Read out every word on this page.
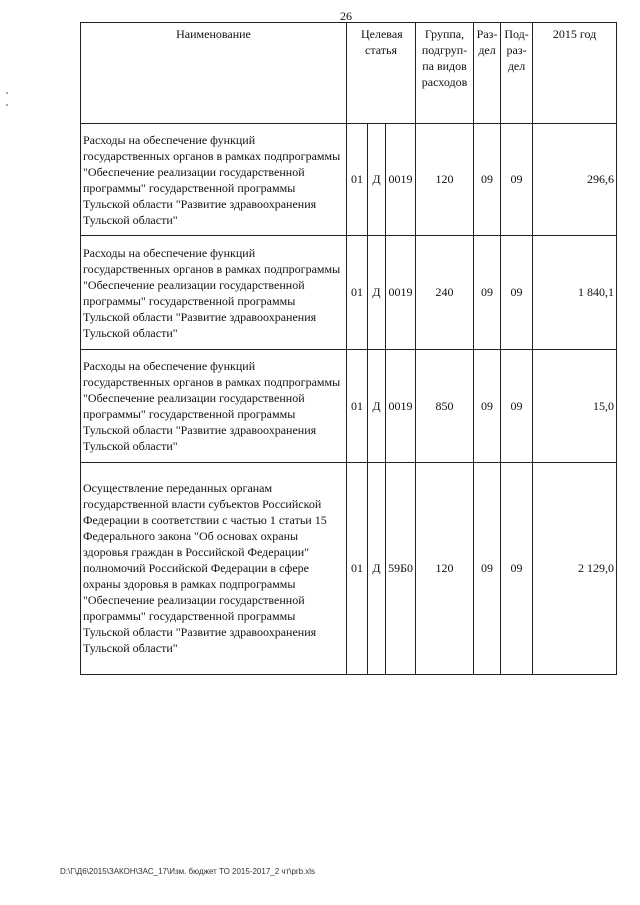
26
Наименование	Целевая статья			Группа, подгруп- па видов расходов	Раз- дел	Под- раз- дел	2015 год
Расходы на обеспечение функций государственных органов в рамках подпрограммы "Обеспечение реализации государственной программы" государственной программы Тульской области "Развитие здравоохранения Тульской области"	01	Д	0019	120	09	09	296,6
Расходы на обеспечение функций государственных органов в рамках подпрограммы "Обеспечение реализации государственной программы" государственной программы Тульской области "Развитие здравоохранения Тульской области"	01	Д	0019	240	09	09	1 840,1
Расходы на обеспечение функций государственных органов в рамках подпрограммы "Обеспечение реализации государственной программы" государственной программы Тульской области "Развитие здравоохранения Тульской области"	01	Д	0019	850	09	09	15,0
Осуществление переданных органам государственной власти субъектов Российской Федерации в соответствии с частью 1 статьи 15 Федерального закона "Об основах охраны здоровья граждан в Российской Федерации" полномочий Российской Федерации в сфере охраны здоровья в рамках подпрограммы "Обеспечение реализации государственной программы" государственной программы Тульской области "Развитие здравоохранения Тульской области"	01	Д	59Б0	120	09	09	2 129,0
D:\Г\Д6\2015\ЗАКОН\ЗАС_17\Изм. бюджет ТО 2015-2017_2 чт\prb.xls
